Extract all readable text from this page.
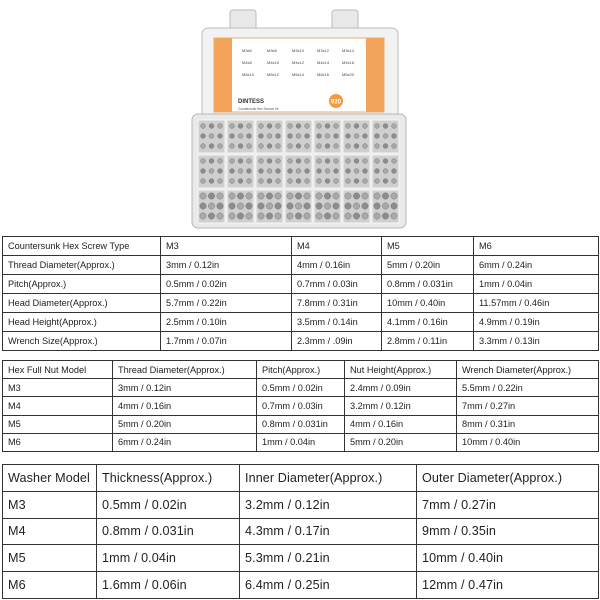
M3x6	M3x8	M3x10	M3x12	M3x14
M4x8	M4x10	M4x12	M4x14	M4x16
M5x10	M5x12	M5x14	M5x16	M5x20
DINTESS
Countersunk Hex Screws Kit
920
Countersunk Hex Screw Type	M3	M4	M5	M6
Thread Diameter(Approx.)	3mm / 0.12in	4mm / 0.16in	5mm / 0.20in	6mm / 0.24in
Pitch(Approx.)	0.5mm / 0.02in	0.7mm / 0.03in	0.8mm / 0.031in	1mm / 0.04in
Head Diameter(Approx.)	5.7mm / 0.22in	7.8mm / 0.31in	10mm / 0.40in	11.57mm / 0.46in
Head Height(Approx.)	2.5mm / 0.10in	3.5mm / 0.14in	4.1mm / 0.16in	4.9mm / 0.19in
Wrench Size(Approx.)	1.7mm / 0.07in	2.3mm / .09in	2.8mm / 0.11in	3.3mm / 0.13in
Hex Full Nut Model	Thread Diameter(Approx.)	Pitch(Approx.)	Nut Height(Approx.)	Wrench Diameter(Approx.)
M3	3mm / 0.12in	0.5mm / 0.02in	2.4mm / 0.09in	5.5mm / 0.22in
M4	4mm / 0.16in	0.7mm / 0.03in	3.2mm / 0.12in	7mm / 0.27in
M5	5mm / 0.20in	0.8mm / 0.031in	4mm / 0.16in	8mm / 0.31in
M6	6mm / 0.24in	1mm / 0.04in	5mm / 0.20in	10mm / 0.40in
Washer Model	Thickness(Approx.)	Inner Diameter(Approx.)	Outer Diameter(Approx.)
M3	0.5mm / 0.02in	3.2mm / 0.12in	7mm / 0.27in
M4	0.8mm / 0.031in	4.3mm / 0.17in	9mm / 0.35in
M5	1mm / 0.04in	5.3mm / 0.21in	10mm / 0.40in
M6	1.6mm / 0.06in	6.4mm / 0.25in	12mm / 0.47in
